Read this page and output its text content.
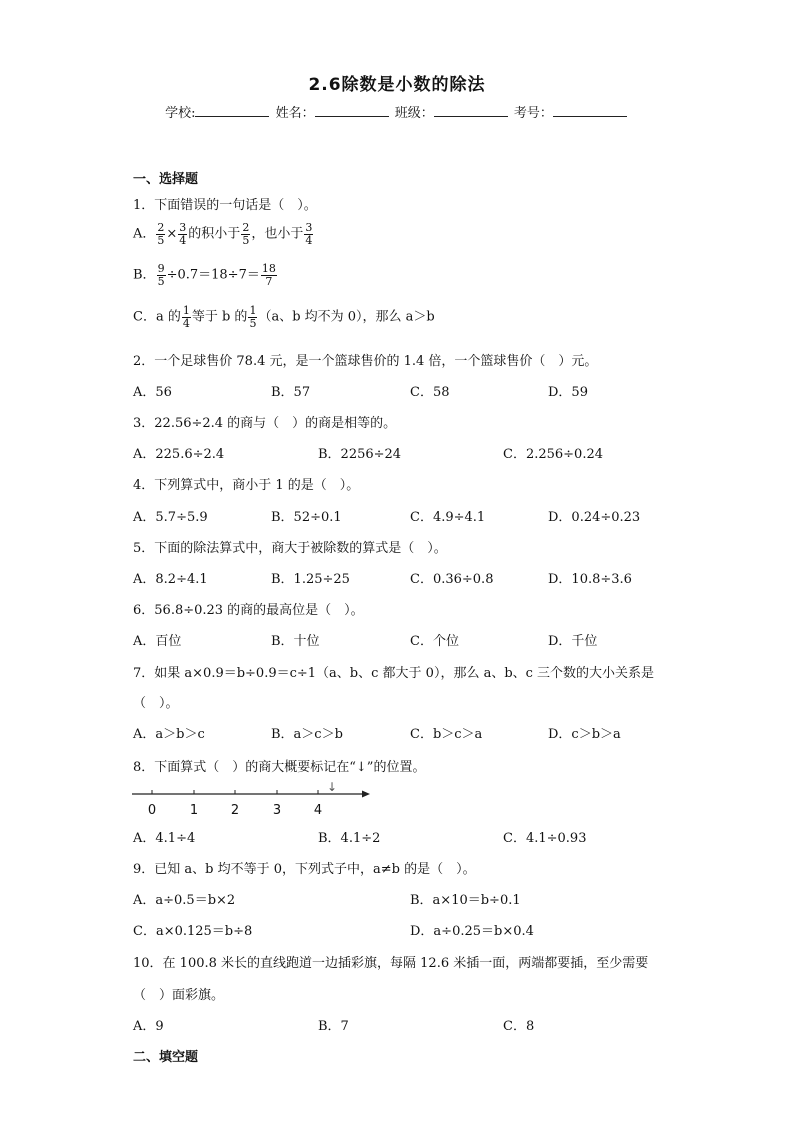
2.6除数是小数的除法
学校:	姓名：	班级：	考号：
一、选择题
1．下面错误的一句话是（　）。
A． $\frac{2}{5} \times \frac{3}{4}$ 的积小于 $\frac{2}{5}$ ，也小于 $\frac{3}{4}$
B． $\frac{9}{5} \div 0.7=18\div 7= \frac{18}{7}$
C．a 的 $\frac{1}{4}$ 等于 b 的 $\frac{1}{5} (a$、b 均不为 0），那么 a＞b
2．一个足球售价 78.4 元，是一个篮球售价的 1.4 倍，一个篮球售价（　）元。
A．56	B．57	C．58	D．59
3．22.56÷2.4 的商与（　）的商是相等的。
A．225.6÷2.4	B．2256÷24	C．2.256÷0.24
4．下列算式中，商小于 1 的是（　）。
A．5.7÷5.9	B．52÷0.1	C．4.9÷4.1	D．0.24÷0.23
5．下面的除法算式中，商大于被除数的算式是（　）。
A．8.2÷4.1	B．1.25÷25	C．0.36÷0.8	D．10.8÷3.6
6．56.8÷0.23 的商的最高位是（　）。
A．百位	B．十位	C．个位	D．千位
7．如果 a×0.9＝b÷0.9＝c÷1（a、b、c 都大于 0），那么 a、b、c 三个数的大小关系是
（　）。
A．a＞b＞c	B．a＞c＞b	C．b＞c＞a	D．c＞b＞a
8．下面算式（　）的商大概要标记在“↓”的位置。
0	1	2	3	4
↓
A．4.1÷4	B．4.1÷2	C．4.1÷0.93
9．已知 a、b 均不等于 0，下列式子中，a≠b 的是（　）。
A．a÷0.5＝b×2	B．a×10＝b÷0.1
C．a×0.125＝b÷8	D．a÷0.25＝b×0.4
10．在 100.8 米长的直线跑道一边插彩旗，每隔 12.6 米插一面，两端都要插，至少需要
（　）面彩旗。
A．9	B．7	C．8
二、填空题
